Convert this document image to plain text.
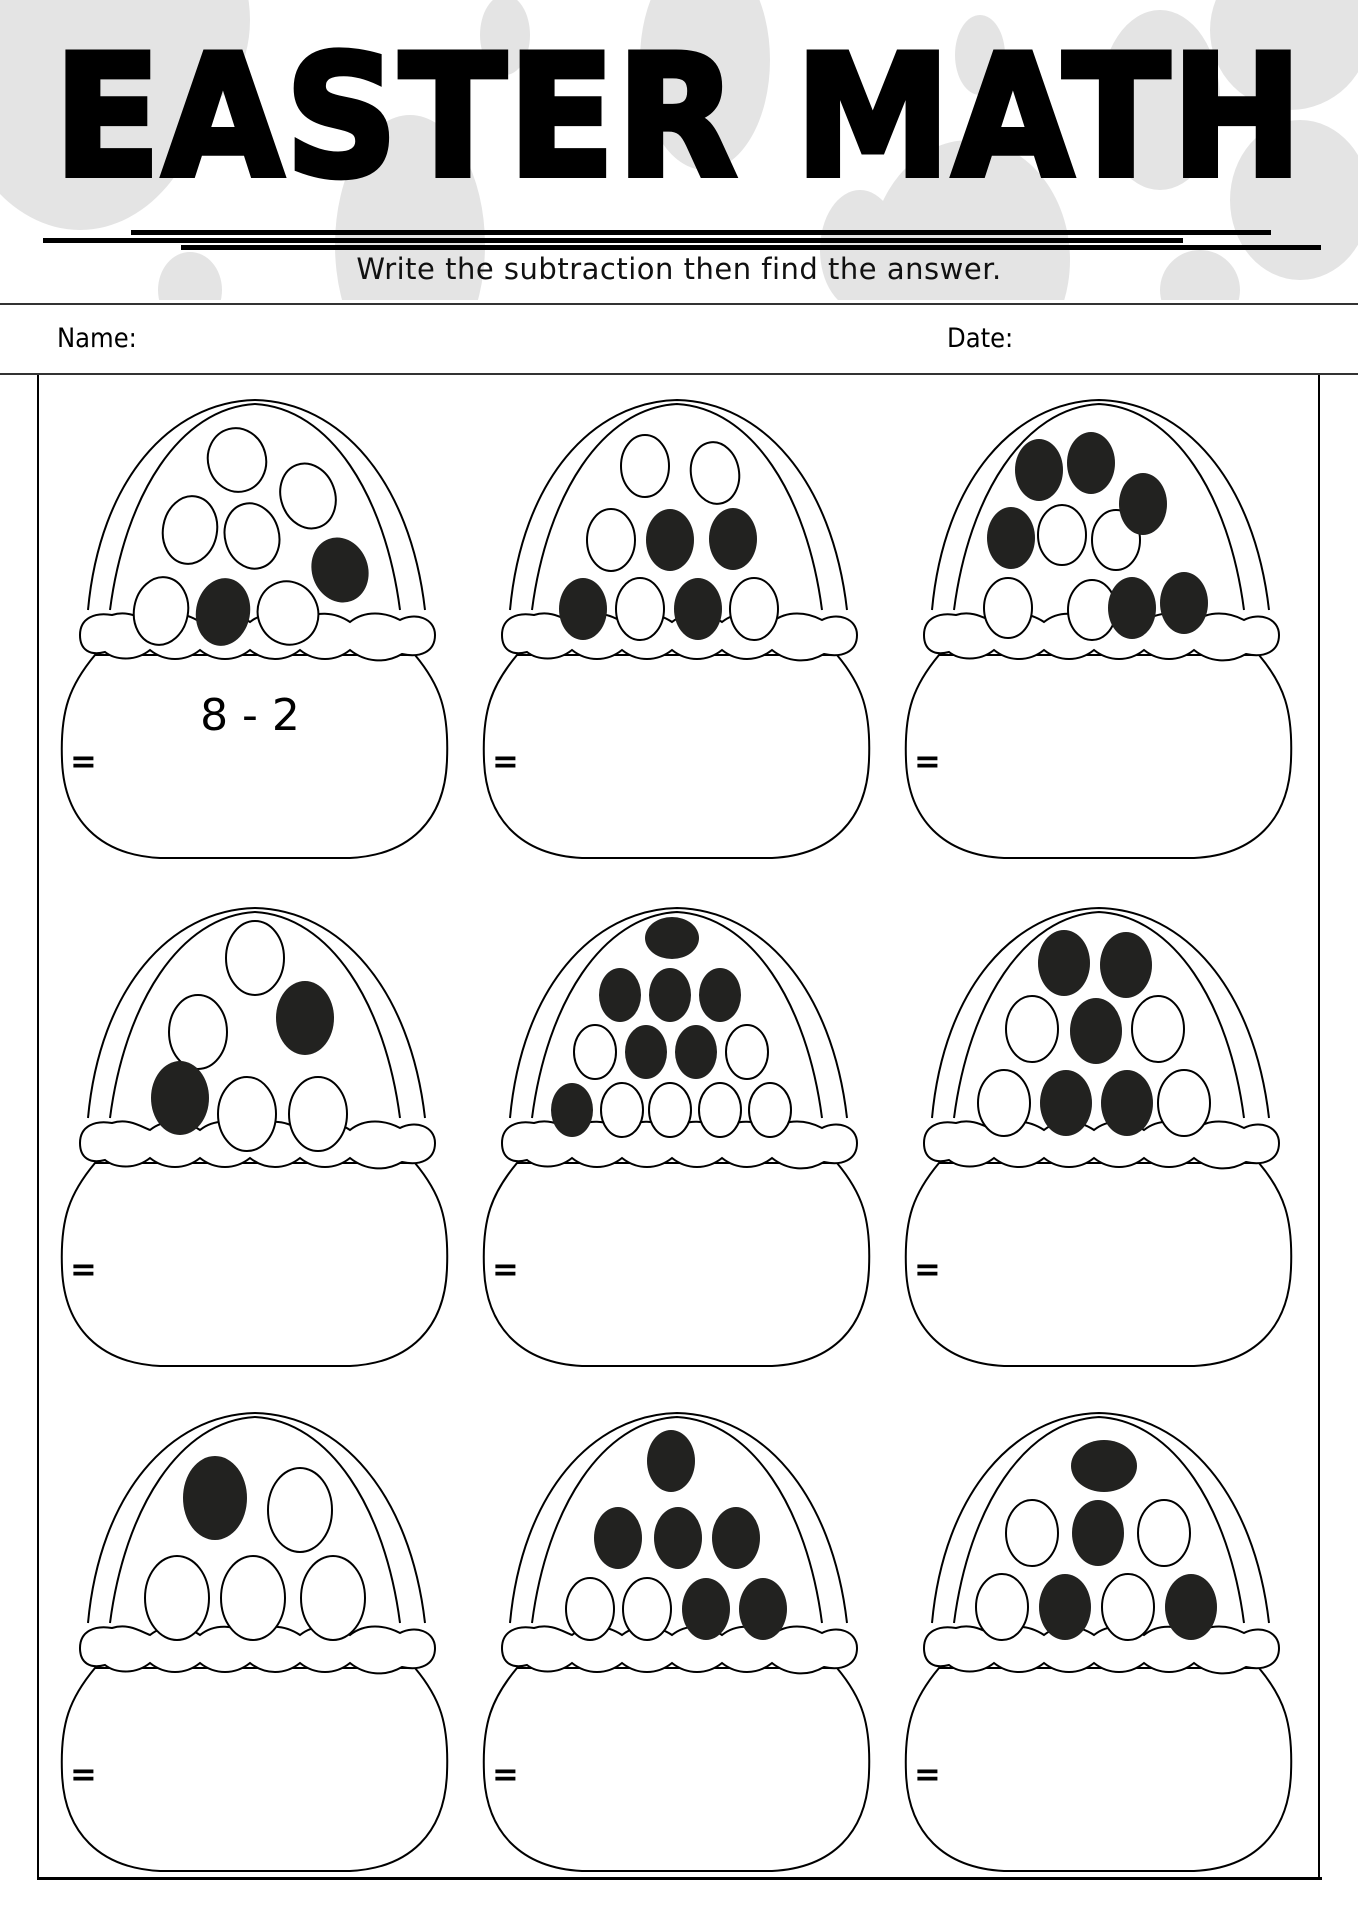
EASTER MATH
Write the subtraction then find the answer.
Name:	Date:
8 - 2
=	=	=
=	=	=
=	=	=
